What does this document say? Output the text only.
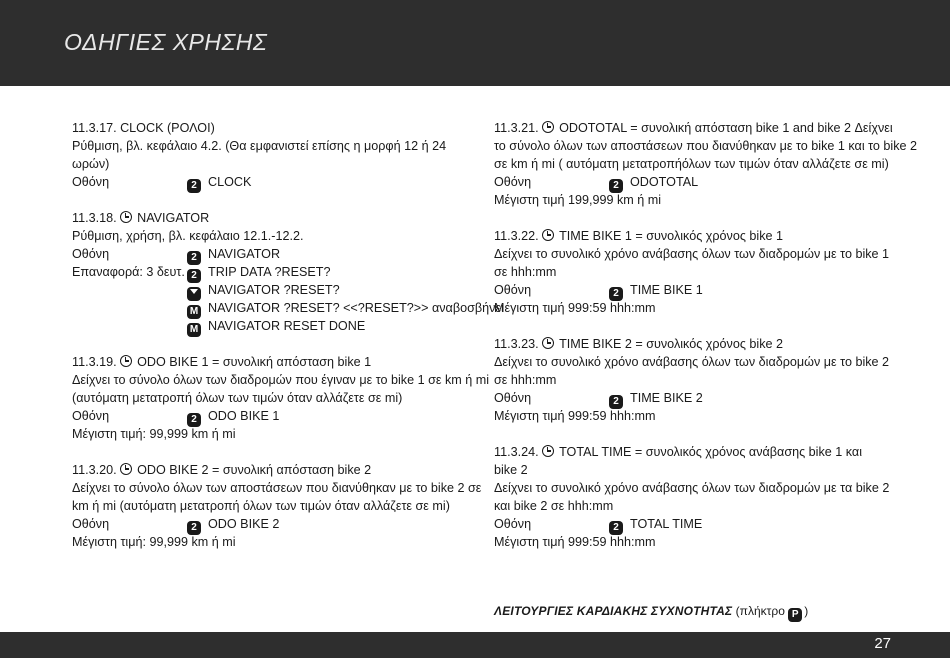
ΟΔΗΓΙΕΣ ΧΡΗΣΗΣ
11.3.17. CLOCK (ΡΟΛΟΙ)
Ρύθμιση, βλ. κεφάλαιο 4.2. (Θα εμφανιστεί επίσης η μορφή 12 ή 24
ωρών)
Οθόνη	2 CLOCK
11.3.18. NAVIGATOR
Ρύθμιση, χρήση, βλ. κεφάλαιο 12.1.-12.2.
Οθόνη	2 NAVIGATOR
Επαναφορά: 3 δευτ. 2 TRIP DATA ?RESET?
NAVIGATOR ?RESET?
M NAVIGATOR ?RESET? <<?RESET?>> αναβοσβήνει
M NAVIGATOR RESET DONE
11.3.19. ODO BIKE 1 = συνολική απόσταση bike 1
Δείχνει το σύνολο όλων των διαδρομών που έγιναν με το bike 1 σε km ή mi
(αυτόματη μετατροπή όλων των τιμών όταν αλλάζετε σε mi)
Οθόνη	2 ODO BIKE 1
Μέγιστη τιμή: 99,999 km ή mi
11.3.20. ODO BIKE 2 = συνολική απόσταση bike 2
Δείχνει το σύνολο όλων των αποστάσεων που διανύθηκαν με το bike 2 σε
km ή mi (αυτόματη μετατροπή όλων των τιμών όταν αλλάζετε σε mi)
Οθόνη	2 ODO BIKE 2
Μέγιστη τιμή: 99,999 km ή mi
11.3.21. ODOTOTAL = συνολική απόσταση bike 1 and bike 2 Δείχνει
το σύνολο όλων των αποστάσεων που διανύθηκαν με το bike 1 και το bike 2
σε km ή mi ( αυτόματη μετατροπήόλων των τιμών όταν αλλάζετε σε mi)
Οθόνη	2 ODOTOTAL
Μέγιστη τιμή 199,999 km ή mi
11.3.22. TIME BIKE 1 = συνολικός χρόνος bike 1
Δείχνει το συνολικό χρόνο ανάβασης όλων των διαδρομών με το bike 1
σε hhh:mm
Οθόνη	2 TIME BIKE 1
Μέγιστη τιμή 999:59 hhh:mm
11.3.23. TIME BIKE 2 = συνολικός χρόνος bike 2
Δείχνει το συνολικό χρόνο ανάβασης όλων των διαδρομών με το bike 2
σε hhh:mm
Οθόνη	2 TIME BIKE 2
Μέγιστη τιμή 999:59 hhh:mm
11.3.24. TOTAL TIME = συνολικός χρόνος ανάβασης bike 1 και
bike 2
Δείχνει το συνολικό χρόνο ανάβασης όλων των διαδρομών με τα bike 2
και bike 2 σε hhh:mm
Οθόνη	2 TOTAL TIME
Μέγιστη τιμή 999:59 hhh:mm
ΛΕΙΤΟΥΡΓΙΕΣ ΚΑΡΔΙΑΚΗΣ ΣΥΧΝΟΤΗΤΑΣ (πλήκτρο P )
27
